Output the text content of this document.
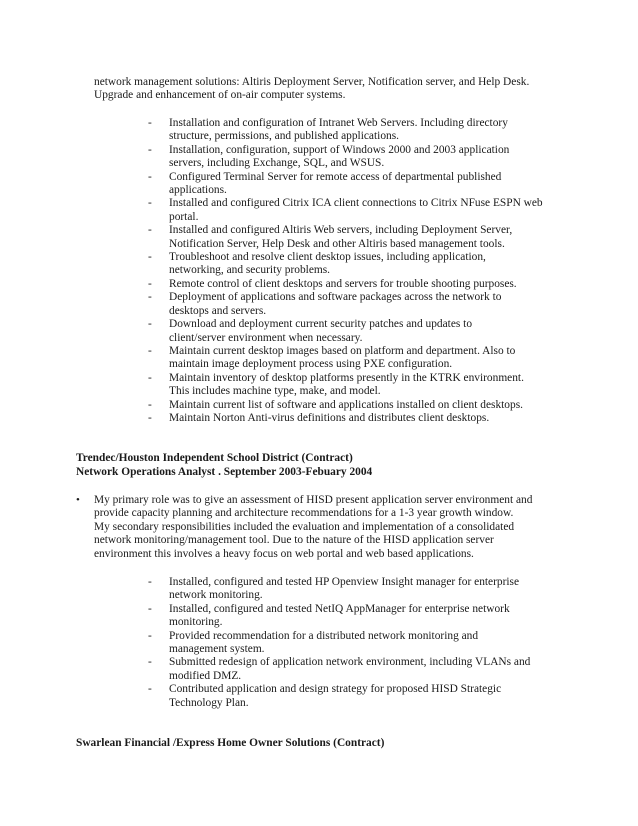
network management solutions: Altiris Deployment Server, Notification server, and Help Desk.

Upgrade and enhancement of on-air computer systems.

- Installation and configuration of Intranet Web Servers. Including directory
structure, permissions, and published applications.
- Installation, configuration, support of Windows 2000 and 2003 application
servers, including Exchange, SQL, and WSUS.
- Configured Terminal Server for remote access of departmental published
applications.
- Installed and configured Citrix ICA client connections to Citrix NFuse ESPN web
portal.
- Installed and configured Altiris Web servers, including Deployment Server,
Notification Server, Help Desk and other Altiris based management tools.
- Troubleshoot and resolve client desktop issues, including application,
networking, and security problems.
- Remote control of client desktops and servers for trouble shooting purposes.
- Deployment of applications and software packages across the network to
desktops and servers.
- Download and deployment current security patches and updates to
client/server environment when necessary.
- Maintain current desktop images based on platform and department. Also to
maintain image deployment process using PXE configuration.
- Maintain inventory of desktop platforms presently in the KTRK environment.
This includes machine type, make, and model.
- Maintain current list of software and applications installed on client desktops.
- Maintain Norton Anti-virus definitions and distributes client desktops.
Trendec/Houston Independent School District (Contract)
Network Operations Analyst . September 2003-Febuary 2004
• My primary role was to give an assessment of HISD present application server environment and
provide capacity planning and architecture recommendations for a 1-3 year growth window.
My secondary responsibilities included the evaluation and implementation of a consolidated
network monitoring/management tool. Due to the nature of the HISD application server
environment this involves a heavy focus on web portal and web based applications.
- Installed, configured and tested HP Openview Insight manager for enterprise
network monitoring.
- Installed, configured and tested NetIQ AppManager for enterprise network
monitoring.
- Provided recommendation for a distributed network monitoring and
management system.
- Submitted redesign of application network environment, including VLANs and
modified DMZ.
- Contributed application and design strategy for proposed HISD Strategic
Technology Plan.
Swarlean Financial /Express Home Owner Solutions (Contract)
